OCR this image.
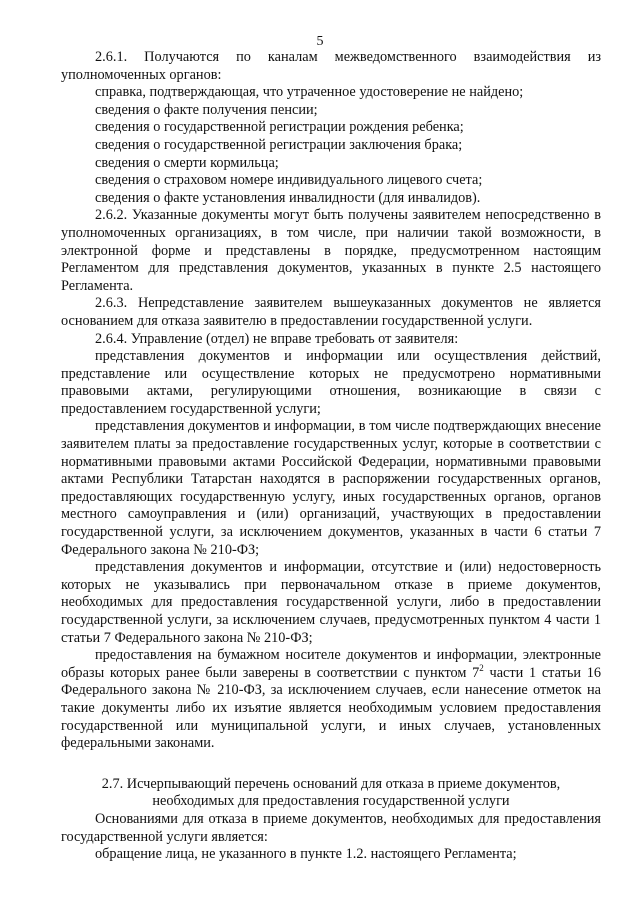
5

2.6.1. Получаются по каналам межведомственного взаимодействия из уполномоченных органов:

справка, подтверждающая, что утраченное удостоверение не найдено;

сведения о факте получения пенсии;

сведения о государственной регистрации рождения ребенка;

сведения о государственной регистрации заключения брака;

сведения о смерти кормильца;

сведения о страховом номере индивидуального лицевого счета;

сведения о факте установления инвалидности (для инвалидов).

2.6.2. Указанные документы могут быть получены заявителем непосредственно в уполномоченных организациях, в том числе, при наличии такой возможности, в электронной форме и представлены в порядке, предусмотренном настоящим Регламентом для представления документов, указанных в пункте 2.5 настоящего Регламента.

2.6.3. Непредставление заявителем вышеуказанных документов не является основанием для отказа заявителю в предоставлении государственной услуги.

2.6.4. Управление (отдел) не вправе требовать от заявителя:

представления документов и информации или осуществления действий, представление или осуществление которых не предусмотрено нормативными правовыми актами, регулирующими отношения, возникающие в связи с предоставлением государственной услуги;

представления документов и информации, в том числе подтверждающих внесение заявителем платы за предоставление государственных услуг, которые в соответствии с нормативными правовыми актами Российской Федерации, нормативными правовыми актами Республики Татарстан находятся в распоряжении государственных органов, предоставляющих государственную услугу, иных государственных органов, органов местного самоуправления и (или) организаций, участвующих в предоставлении государственной услуги, за исключением документов, указанных в части 6 статьи 7 Федерального закона № 210-ФЗ;

представления документов и информации, отсутствие и (или) недостоверность которых не указывались при первоначальном отказе в приеме документов, необходимых для предоставления государственной услуги, либо в предоставлении государственной услуги, за исключением случаев, предусмотренных пунктом 4 части 1 статьи 7 Федерального закона № 210-ФЗ;

предоставления на бумажном носителе документов и информации, электронные образы которых ранее были заверены в соответствии с пунктом $7^2$ части 1 статьи 16 Федерального закона № 210-ФЗ, за исключением случаев, если нанесение отметок на такие документы либо их изъятие является необходимым условием предоставления государственной или муниципальной услуги, и иных случаев, установленных федеральными законами.

2.7. Исчерпывающий перечень оснований для отказа в приеме документов, необходимых для предоставления государственной услуги

Основаниями для отказа в приеме документов, необходимых для предоставления государственной услуги является:

обращение лица, не указанного в пункте 1.2. настоящего Регламента;
